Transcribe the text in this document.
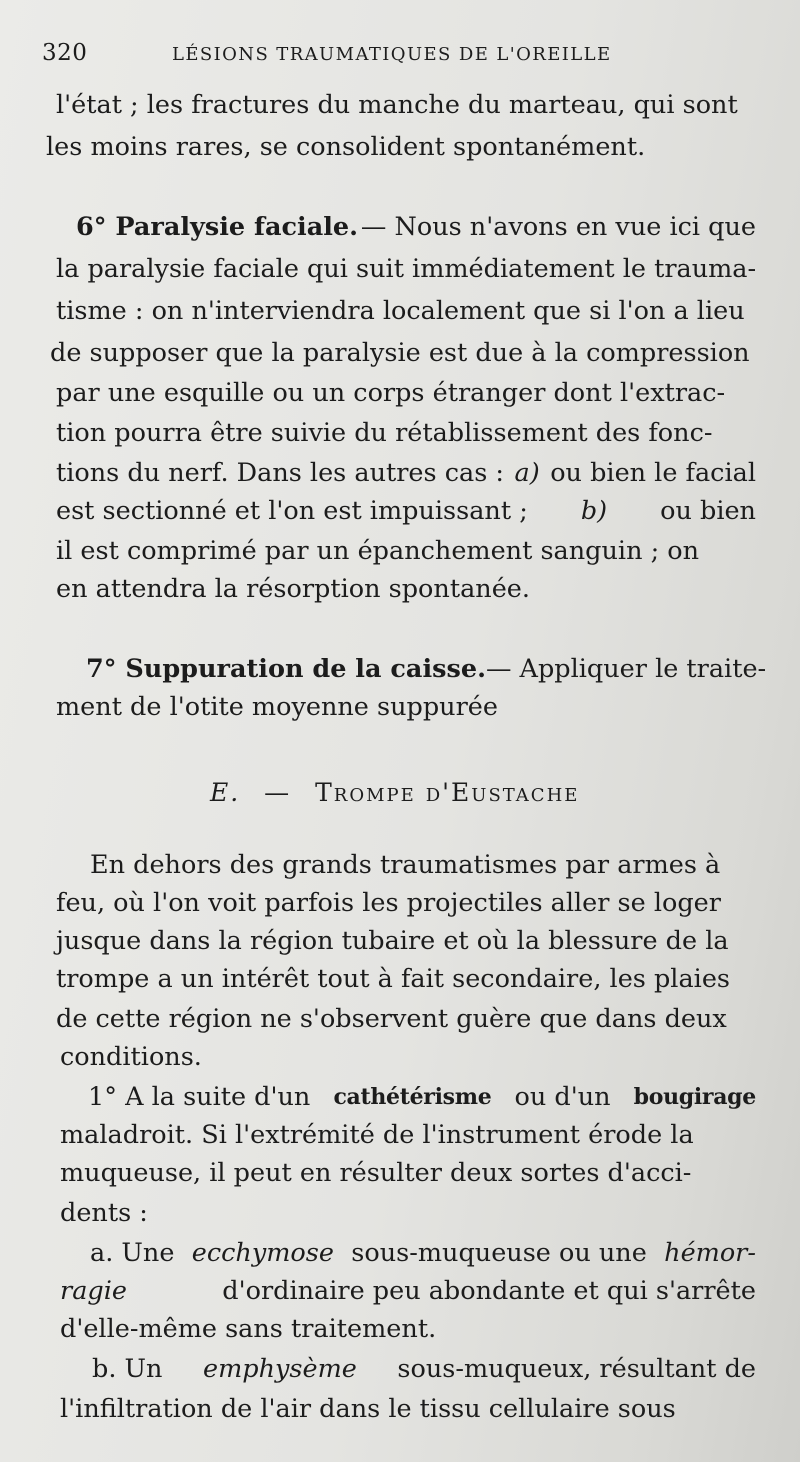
320	LÉSIONS TRAUMATIQUES DE L'OREILLE
l'état ; les fractures du manche du marteau, qui sont
les moins rares, se consolident spontanément.
6° Paralysie faciale. — Nous n'avons en vue ici que
la paralysie faciale qui suit immédiatement le trauma-
tisme : on n'interviendra localement que si l'on a lieu
de supposer que la paralysie est due à la compression
par une esquille ou un corps étranger dont l'extrac-
tion pourra être suivie du rétablissement des fonc-
tions du nerf. Dans les autres cas : a) ou bien le facial
est sectionné et l'on est impuissant ; b) ou bien
il est comprimé par un épanchement sanguin ; on
en attendra la résorption spontanée.
7° Suppuration de la caisse. — Appliquer le traite-
ment de l'otite moyenne suppurée
E. — Trompe d'Eustache
En dehors des grands traumatismes par armes à
feu, où l'on voit parfois les projectiles aller se loger
jusque dans la région tubaire et où la blessure de la
trompe a un intérêt tout à fait secondaire, les plaies
de cette région ne s'observent guère que dans deux
conditions.
1° A la suite d'un cathétérisme ou d'un bougirage
maladroit. Si l'extrémité de l'instrument érode la
muqueuse, il peut en résulter deux sortes d'acci-
dents :
a. Une ecchymose sous-muqueuse ou une hémor-
ragie	d'ordinaire peu abondante et qui s'arrête
d'elle-même sans traitement.
b. Un emphysème sous-muqueux, résultant de
l'infiltration de l'air dans le tissu cellulaire sous
